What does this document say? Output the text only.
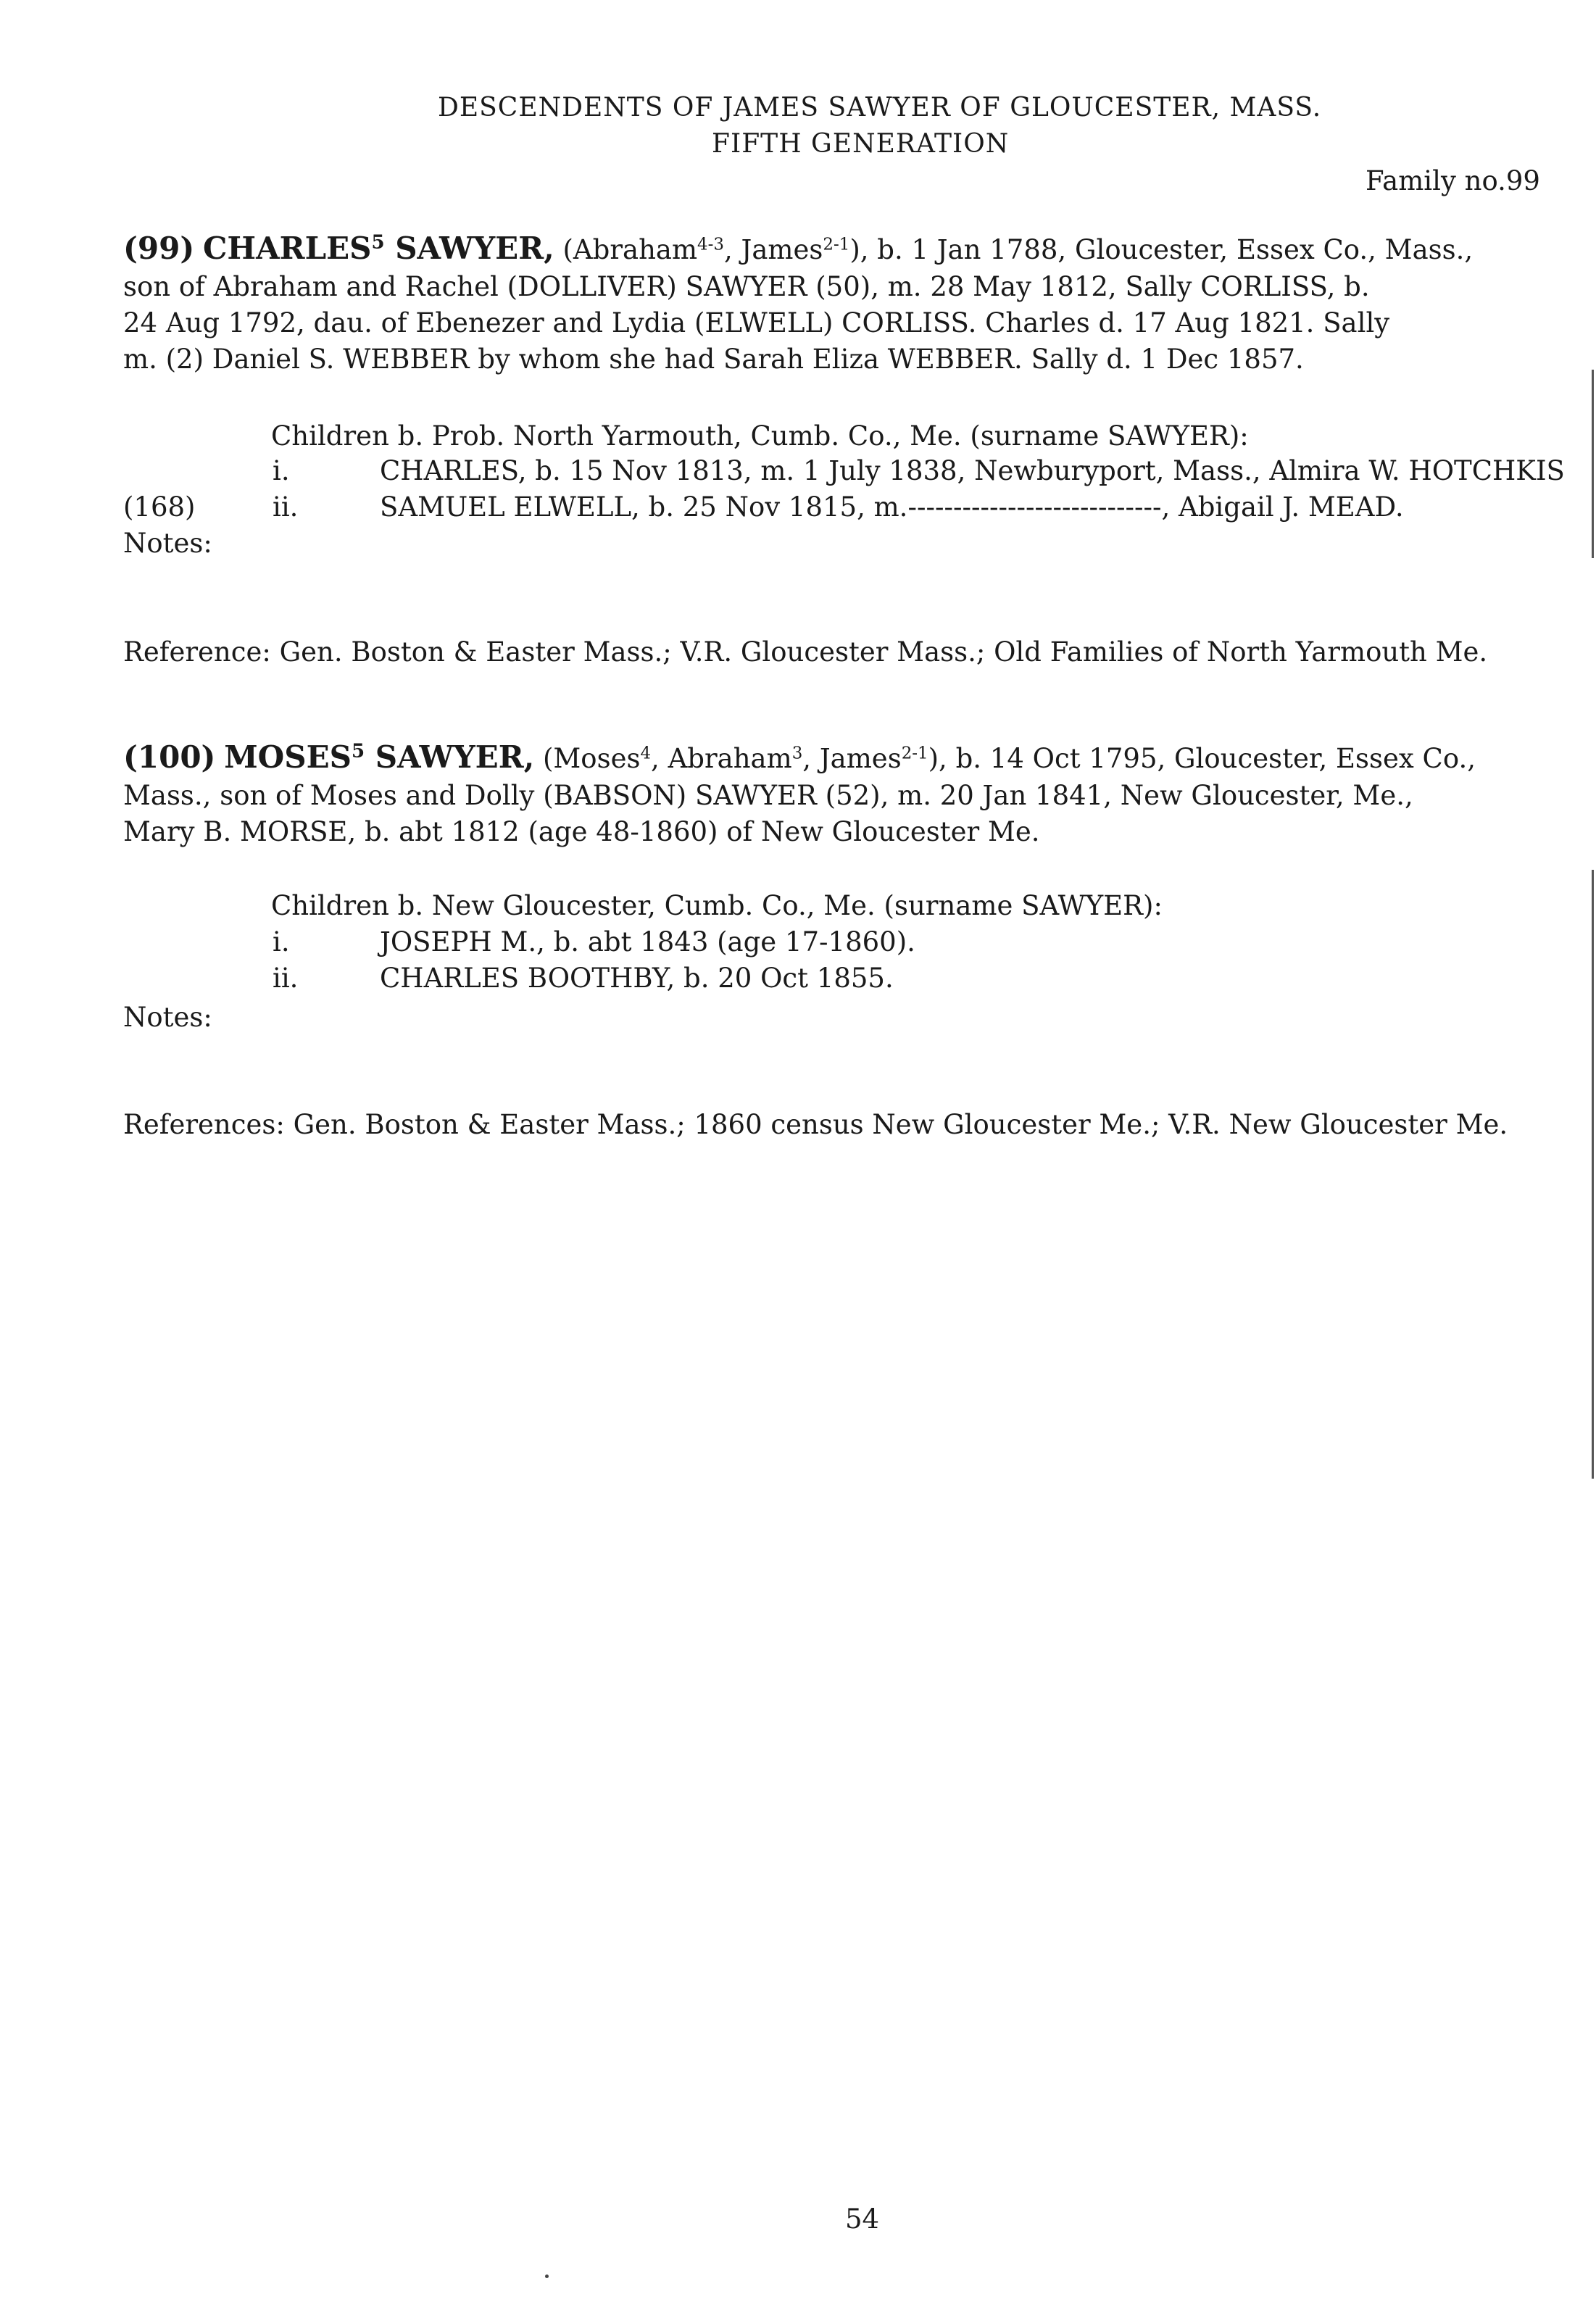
DESCENDENTS OF JAMES SAWYER OF GLOUCESTER, MASS.
FIFTH GENERATION
Family no.99
(99) CHARLES$^5$ SAWYER, (Abraham$^{4-3}$, James$^{2-1}$), b. 1 Jan 1788, Gloucester, Essex Co., Mass.,
son of Abraham and Rachel (DOLLIVER) SAWYER (50), m. 28 May 1812, Sally CORLISS, b.
24 Aug 1792, dau. of Ebenezer and Lydia (ELWELL) CORLISS. Charles d. 17 Aug 1821. Sally
m. (2) Daniel S. WEBBER by whom she had Sarah Eliza WEBBER. Sally d. 1 Dec 1857.
Children b. Prob. North Yarmouth, Cumb. Co., Me. (surname SAWYER):
i.	CHARLES, b. 15 Nov 1813, m. 1 July 1838, Newburyport, Mass., Almira W. HOTCHKIS
(168)	ii.	SAMUEL ELWELL, b. 25 Nov 1815, m.----------------------------, Abigail J. MEAD.
Notes:
Reference: Gen. Boston & Easter Mass.; V.R. Gloucester Mass.; Old Families of North Yarmouth Me.
(100) MOSES$^5$ SAWYER, (Moses$^4$, Abraham$^3$, James$^{2-1}$), b. 14 Oct 1795, Gloucester, Essex Co.,
Mass., son of Moses and Dolly (BABSON) SAWYER (52), m. 20 Jan 1841, New Gloucester, Me.,
Mary B. MORSE, b. abt 1812 (age 48-1860) of New Gloucester Me.
Children b. New Gloucester, Cumb. Co., Me. (surname SAWYER):
i.	JOSEPH M., b. abt 1843 (age 17-1860).
ii.	CHARLES BOOTHBY, b. 20 Oct 1855.
Notes:
References: Gen. Boston & Easter Mass.; 1860 census New Gloucester Me.; V.R. New Gloucester Me.
54
